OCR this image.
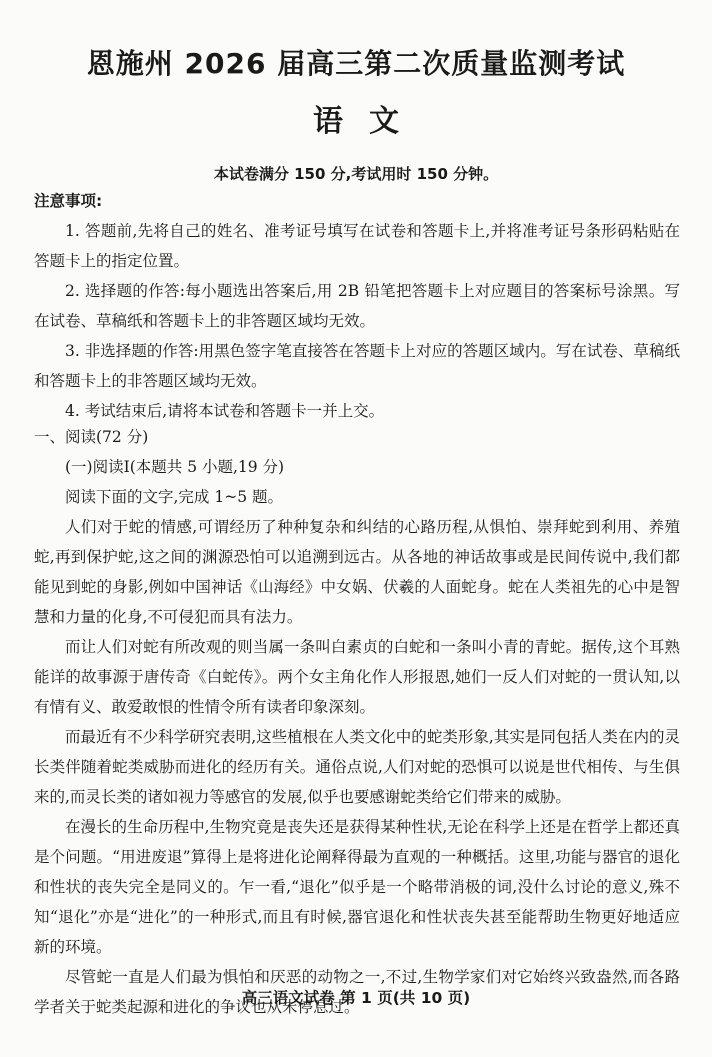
恩施州 2026 届高三第二次质量监测考试
语文
本试卷满分 150 分,考试用时 150 分钟。
注意事项:

1. 答题前,先将自己的姓名、准考证号填写在试卷和答题卡上,并将准考证号条形码粘贴在答题卡上的指定位置。

2. 选择题的作答:每小题选出答案后,用 2B 铅笔把答题卡上对应题目的答案标号涂黑。写在试卷、草稿纸和答题卡上的非答题区域均无效。

3. 非选择题的作答:用黑色签字笔直接答在答题卡上对应的答题区域内。写在试卷、草稿纸和答题卡上的非答题区域均无效。

4. 考试结束后,请将本试卷和答题卡一并上交。

一、阅读(72 分)
(一)阅读Ⅰ(本题共 5 小题,19 分)
阅读下面的文字,完成 1~5 题。

人们对于蛇的情感,可谓经历了种种复杂和纠结的心路历程,从惧怕、崇拜蛇到利用、养殖蛇,再到保护蛇,这之间的渊源恐怕可以追溯到远古。从各地的神话故事或是民间传说中,我们都能见到蛇的身影,例如中国神话《山海经》中女娲、伏羲的人面蛇身。蛇在人类祖先的心中是智慧和力量的化身,不可侵犯而具有法力。

而让人们对蛇有所改观的则当属一条叫白素贞的白蛇和一条叫小青的青蛇。据传,这个耳熟能详的故事源于唐传奇《白蛇传》。两个女主角化作人形报恩,她们一反人们对蛇的一贯认知,以有情有义、敢爱敢恨的性情令所有读者印象深刻。

而最近有不少科学研究表明,这些植根在人类文化中的蛇类形象,其实是同包括人类在内的灵长类伴随着蛇类威胁而进化的经历有关。通俗点说,人们对蛇的恐惧可以说是世代相传、与生俱来的,而灵长类的诸如视力等感官的发展,似乎也要感谢蛇类给它们带来的威胁。

在漫长的生命历程中,生物究竟是丧失还是获得某种性状,无论在科学上还是在哲学上都还真是个问题。“用进废退”算得上是将进化论阐释得最为直观的一种概括。这里,功能与器官的退化和性状的丧失完全是同义的。乍一看,“退化”似乎是一个略带消极的词,没什么讨论的意义,殊不知“退化”亦是“进化”的一种形式,而且有时候,器官退化和性状丧失甚至能帮助生物更好地适应新的环境。

尽管蛇一直是人们最为惧怕和厌恶的动物之一,不过,生物学家们对它始终兴致盎然,而各路学者关于蛇类起源和进化的争议也从未停息过。

高三语文试卷 第 1 页(共 10 页)
